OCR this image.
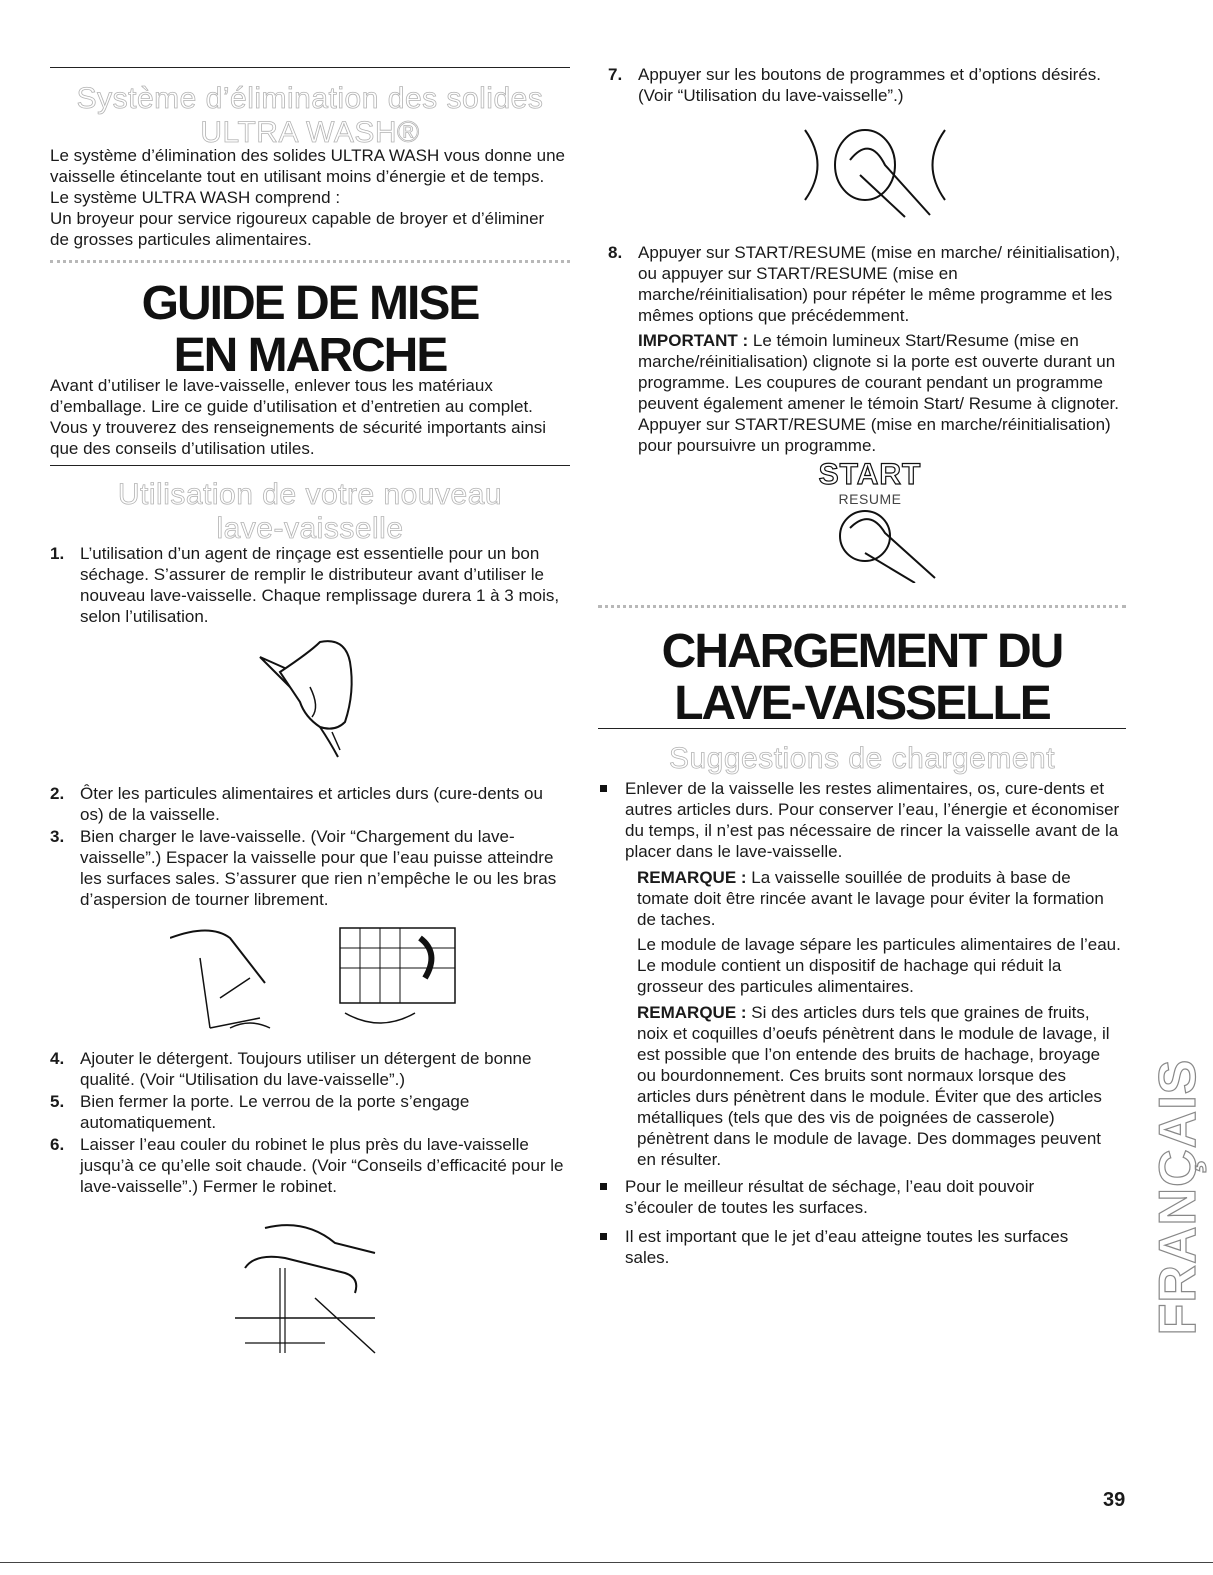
Système d’élimination des solides
ULTRA WASH®

Le système d’élimination des solides ULTRA WASH vous donne une vaisselle étincelante tout en utilisant moins d’énergie et de temps. Le système ULTRA WASH comprend :

Un broyeur pour service rigoureux capable de broyer et d’éliminer de grosses particules alimentaires.

GUIDE DE MISE
EN MARCHE

Avant d’utiliser le lave-vaisselle, enlever tous les matériaux d’emballage. Lire ce guide d’utilisation et d’entretien au complet. Vous y trouverez des renseignements de sécurité importants ainsi que des conseils d’utilisation utiles.

Utilisation de votre nouveau
lave-vaisselle
1. L’utilisation d’un agent de rinçage est essentielle pour un bon séchage. S’assurer de remplir le distributeur avant d’utiliser le nouveau lave-vaisselle. Chaque remplissage durera 1 à 3 mois, selon l’utilisation.
2. Ôter les particules alimentaires et articles durs (cure-dents ou os) de la vaisselle.
3. Bien charger le lave-vaisselle. (Voir “Chargement du lave-vaisselle”.) Espacer la vaisselle pour que l’eau puisse atteindre les surfaces sales. S’assurer que rien n’empêche le ou les bras d’aspersion de tourner librement.
4. Ajouter le détergent. Toujours utiliser un détergent de bonne qualité. (Voir “Utilisation du lave-vaisselle”.)
5. Bien fermer la porte. Le verrou de la porte s’engage automatiquement.
6. Laisser l’eau couler du robinet le plus près du lave-vaisselle jusqu’à ce qu’elle soit chaude. (Voir “Conseils d’efficacité pour le lave-vaisselle”.) Fermer le robinet.
7. Appuyer sur les boutons de programmes et d’options désirés. (Voir “Utilisation du lave-vaisselle”.)
8. Appuyer sur START/RESUME (mise en marche/ réinitialisation), ou appuyer sur START/RESUME (mise en marche/réinitialisation) pour répéter le même programme et les mêmes options que précédemment.

IMPORTANT : Le témoin lumineux Start/Resume (mise en marche/réinitialisation) clignote si la porte est ouverte durant un programme. Les coupures de courant pendant un programme peuvent également amener le témoin Start/ Resume à clignoter. Appuyer sur START/RESUME (mise en marche/réinitialisation) pour poursuivre un programme.

START
RESUME
CHARGEMENT DU
LAVE-VAISSELLE
Suggestions de chargement
Enlever de la vaisselle les restes alimentaires, os, cure-dents et autres articles durs. Pour conserver l’eau, l’énergie et économiser du temps, il n’est pas nécessaire de rincer la vaisselle avant de la placer dans le lave-vaisselle.

REMARQUE : La vaisselle souillée de produits à base de tomate doit être rincée avant le lavage pour éviter la formation de taches.

Le module de lavage sépare les particules alimentaires de l’eau. Le module contient un dispositif de hachage qui réduit la grosseur des particules alimentaires.

REMARQUE : Si des articles durs tels que graines de fruits, noix et coquilles d’oeufs pénètrent dans le module de lavage, il est possible que l’on entende des bruits de hachage, broyage ou bourdonnement. Ces bruits sont normaux lorsque des articles durs pénètrent dans le module. Éviter que des articles métalliques (tels que des vis de poignées de casserole) pénètrent dans le module de lavage. Des dommages peuvent en résulter.

Pour le meilleur résultat de séchage, l’eau doit pouvoir s’écouler de toutes les surfaces.
Il est important que le jet d’eau atteigne toutes les surfaces sales.	FRANÇAIS
39
